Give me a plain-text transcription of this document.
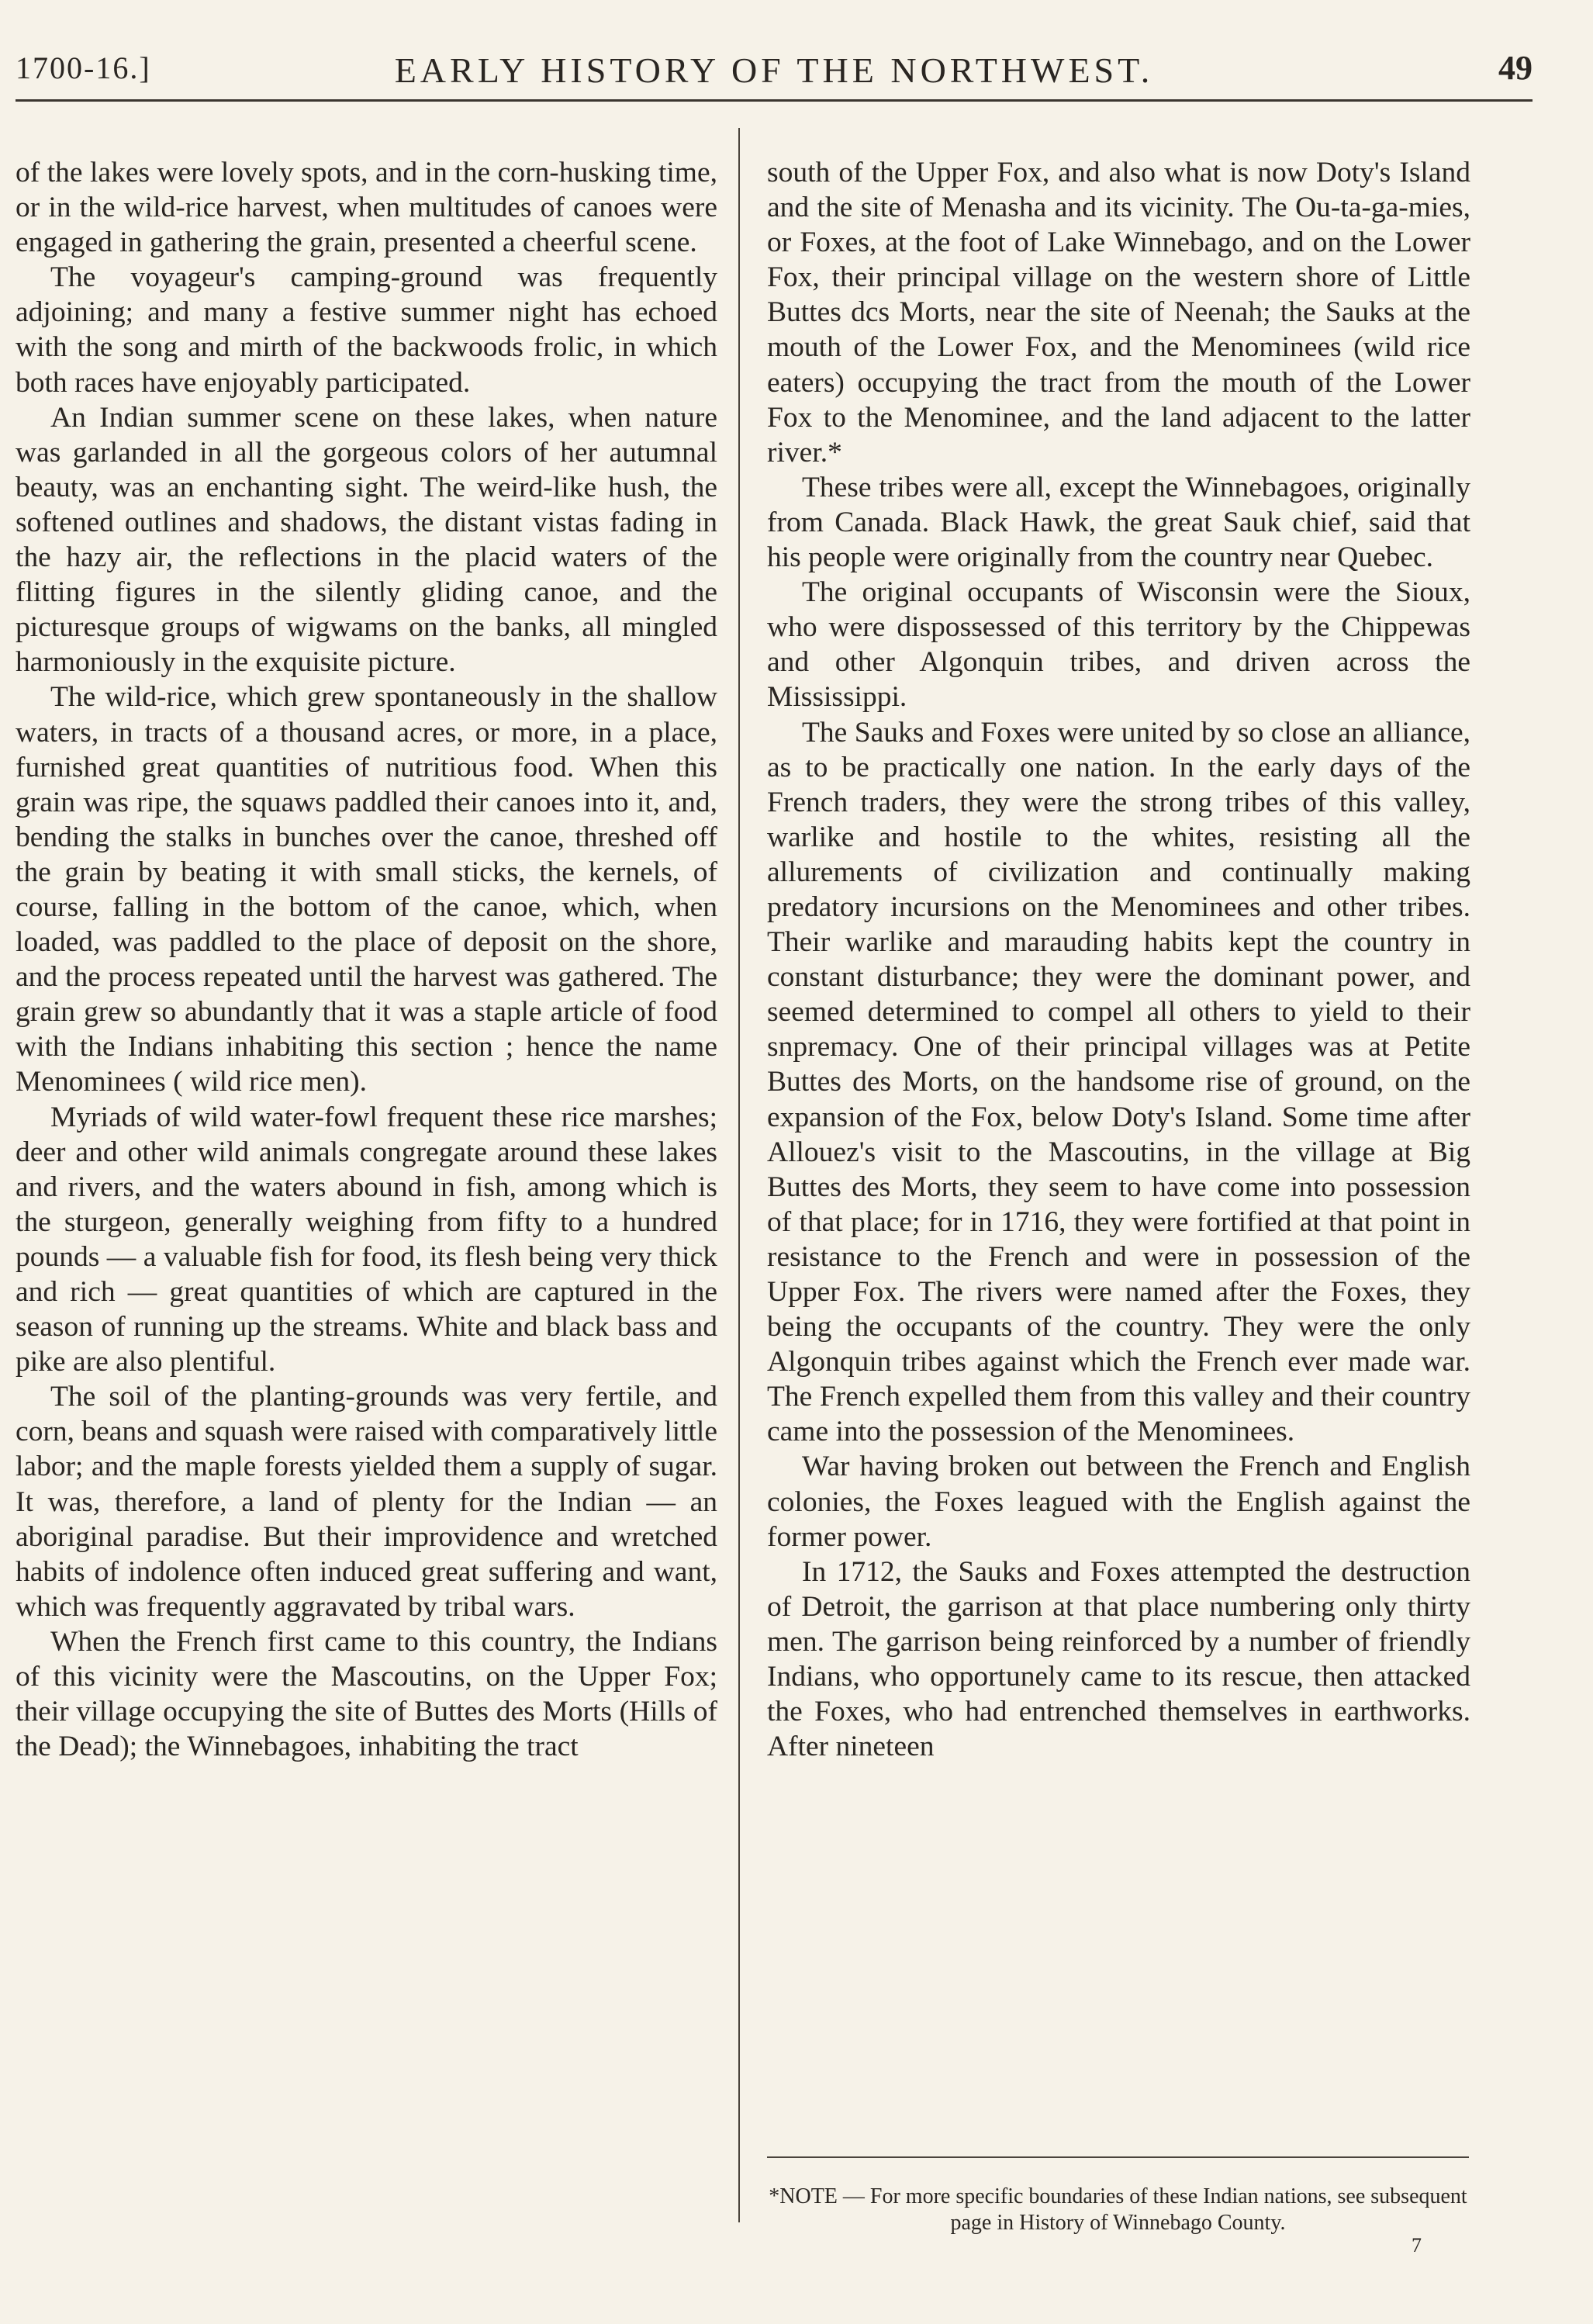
1700-16.]	EARLY HISTORY OF THE NORTHWEST.	49

of the lakes were lovely spots, and in the corn-husking time, or in the wild-rice harvest, when multitudes of canoes were engaged in gathering the grain, presented a cheerful scene.

The voyageur's camping-ground was frequently adjoining; and many a festive summer night has echoed with the song and mirth of the backwoods frolic, in which both races have enjoyably participated.

An Indian summer scene on these lakes, when nature was garlanded in all the gorgeous colors of her autumnal beauty, was an enchanting sight. The weird-like hush, the softened outlines and shadows, the distant vistas fading in the hazy air, the reflections in the placid waters of the flitting figures in the silently gliding canoe, and the picturesque groups of wigwams on the banks, all mingled harmoniously in the exquisite picture.

The wild-rice, which grew spontaneously in the shallow waters, in tracts of a thousand acres, or more, in a place, furnished great quantities of nutritious food. When this grain was ripe, the squaws paddled their canoes into it, and, bending the stalks in bunches over the canoe, threshed off the grain by beating it with small sticks, the kernels, of course, falling in the bottom of the canoe, which, when loaded, was paddled to the place of deposit on the shore, and the process repeated until the harvest was gathered. The grain grew so abundantly that it was a staple article of food with the Indians inhabiting this section ; hence the name Menominees ( wild rice men).

Myriads of wild water-fowl frequent these rice marshes; deer and other wild animals congregate around these lakes and rivers, and the waters abound in fish, among which is the sturgeon, generally weighing from fifty to a hundred pounds — a valuable fish for food, its flesh being very thick and rich — great quantities of which are captured in the season of running up the streams. White and black bass and pike are also plentiful.

The soil of the planting-grounds was very fertile, and corn, beans and squash were raised with comparatively little labor; and the maple forests yielded them a supply of sugar. It was, therefore, a land of plenty for the Indian — an aboriginal paradise. But their improvidence and wretched habits of indolence often induced great suffering and want, which was frequently aggravated by tribal wars.

When the French first came to this country, the Indians of this vicinity were the Mascoutins, on the Upper Fox; their village occupying the site of Buttes des Morts (Hills of the Dead); the Winnebagoes, inhabiting the tract

south of the Upper Fox, and also what is now Doty's Island and the site of Menasha and its vicinity. The Ou-ta-ga-mies, or Foxes, at the foot of Lake Winnebago, and on the Lower Fox, their principal village on the western shore of Little Buttes dcs Morts, near the site of Neenah; the Sauks at the mouth of the Lower Fox, and the Menominees (wild rice eaters) occupying the tract from the mouth of the Lower Fox to the Menominee, and the land adjacent to the latter river.*

These tribes were all, except the Winnebagoes, originally from Canada. Black Hawk, the great Sauk chief, said that his people were originally from the country near Quebec.

The original occupants of Wisconsin were the Sioux, who were dispossessed of this territory by the Chippewas and other Algonquin tribes, and driven across the Mississippi.

The Sauks and Foxes were united by so close an alliance, as to be practically one nation. In the early days of the French traders, they were the strong tribes of this valley, warlike and hostile to the whites, resisting all the allurements of civilization and continually making predatory incursions on the Menominees and other tribes. Their warlike and marauding habits kept the country in constant disturbance; they were the dominant power, and seemed determined to compel all others to yield to their snpremacy. One of their principal villages was at Petite Buttes des Morts, on the handsome rise of ground, on the expansion of the Fox, below Doty's Island. Some time after Allouez's visit to the Mascoutins, in the village at Big Buttes des Morts, they seem to have come into possession of that place; for in 1716, they were fortified at that point in resistance to the French and were in possession of the Upper Fox. The rivers were named after the Foxes, they being the occupants of the country. They were the only Algonquin tribes against which the French ever made war. The French expelled them from this valley and their country came into the possession of the Menominees.

War having broken out between the French and English colonies, the Foxes leagued with the English against the former power.

In 1712, the Sauks and Foxes attempted the destruction of Detroit, the garrison at that place numbering only thirty men. The garrison being reinforced by a number of friendly Indians, who opportunely came to its rescue, then attacked the Foxes, who had entrenched themselves in earthworks. After nineteen

*NOTE — For more specific boundaries of these Indian nations, see subsequent page in History of Winnebago County.
7
